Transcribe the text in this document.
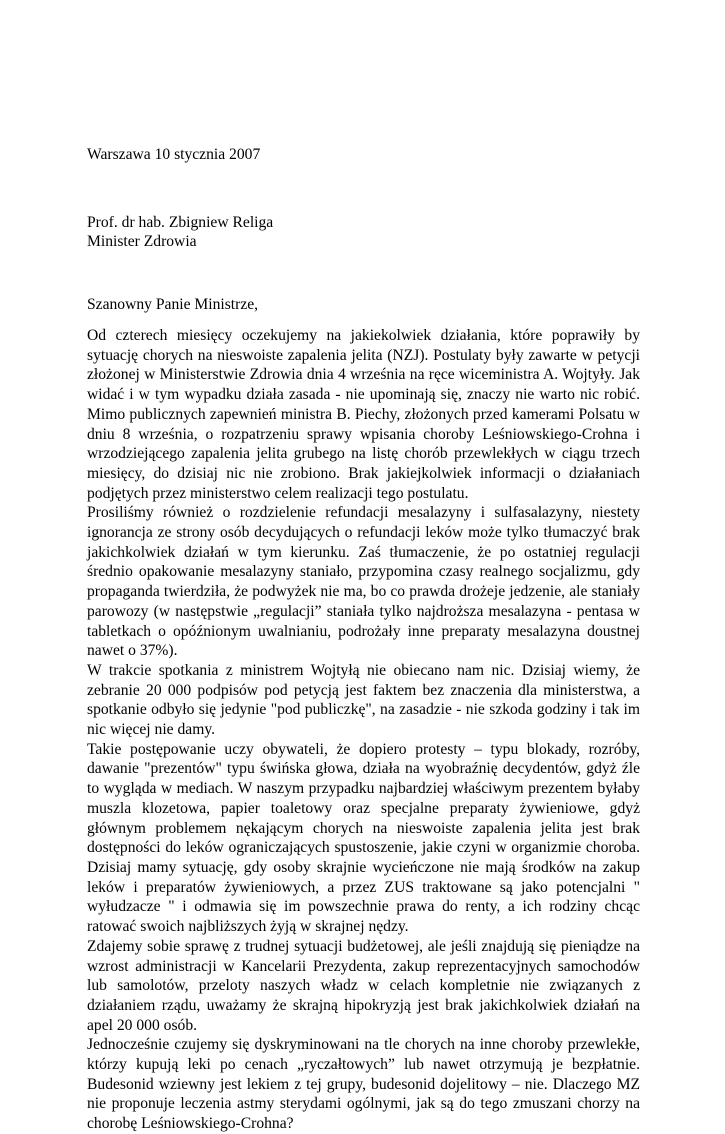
Warszawa 10 stycznia 2007
Prof. dr hab. Zbigniew Religa
Minister Zdrowia
Szanowny Panie Ministrze,

Od czterech miesięcy oczekujemy na jakiekolwiek działania, które poprawiły by sytuację chorych na nieswoiste zapalenia jelita (NZJ). Postulaty były zawarte w petycji złożonej w Ministerstwie Zdrowia dnia 4 września na ręce wiceministra A. Wojtyły. Jak widać i w tym wypadku działa zasada - nie upominają się, znaczy nie warto nic robić. Mimo publicznych zapewnień ministra B. Piechy, złożonych przed kamerami Polsatu w dniu 8 września, o rozpatrzeniu sprawy wpisania choroby Leśniowskiego-Crohna i wrzodziejącego zapalenia jelita grubego na listę chorób przewlekłych w ciągu trzech miesięcy, do dzisiaj nic nie zrobiono. Brak jakiejkolwiek informacji o działaniach podjętych przez ministerstwo celem realizacji tego postulatu.

Prosiliśmy również o rozdzielenie refundacji mesalazyny i sulfasalazyny, niestety ignorancja ze strony osób decydujących o refundacji leków może tylko tłumaczyć brak jakichkolwiek działań w tym kierunku. Zaś tłumaczenie, że po ostatniej regulacji średnio opakowanie mesalazyny staniało, przypomina czasy realnego socjalizmu, gdy propaganda twierdziła, że podwyżek nie ma, bo co prawda drożeje jedzenie, ale staniały parowozy (w następstwie „regulacji” staniała tylko najdroższa mesalazyna - pentasa w tabletkach o opóźnionym uwalnianiu, podrożały inne preparaty mesalazyna doustnej nawet o 37%).

W trakcie spotkania z ministrem Wojtyłą nie obiecano nam nic. Dzisiaj wiemy, że zebranie 20 000 podpisów pod petycją jest faktem bez znaczenia dla ministerstwa, a spotkanie odbyło się jedynie "pod publiczkę", na zasadzie - nie szkoda godziny i tak im nic więcej nie damy.

Takie postępowanie uczy obywateli, że dopiero protesty – typu blokady, rozróby, dawanie "prezentów" typu świńska głowa, działa na wyobraźnię decydentów, gdyż źle to wygląda w mediach. W naszym przypadku najbardziej właściwym prezentem byłaby muszla klozetowa, papier toaletowy oraz specjalne preparaty żywieniowe, gdyż głównym problemem nękającym chorych na nieswoiste zapalenia jelita jest brak dostępności do leków ograniczających spustoszenie, jakie czyni w organizmie choroba. Dzisiaj mamy sytuację, gdy osoby skrajnie wycieńczone nie mają środków na zakup leków i preparatów żywieniowych, a przez ZUS traktowane są jako potencjalni " wyłudzacze " i odmawia się im powszechnie prawa do renty, a ich rodziny chcąc ratować swoich najbliższych żyją w skrajnej nędzy.

Zdajemy sobie sprawę z trudnej sytuacji budżetowej, ale jeśli znajdują się pieniądze na wzrost administracji w Kancelarii Prezydenta, zakup reprezentacyjnych samochodów lub samolotów, przeloty naszych władz w celach kompletnie nie związanych z działaniem rządu, uważamy że skrajną hipokryzją jest brak jakichkolwiek działań na apel 20 000 osób.

Jednocześnie czujemy się dyskryminowani na tle chorych na inne choroby przewlekłe, którzy kupują leki po cenach „ryczałtowych” lub nawet otrzymują je bezpłatnie. Budesonid wziewny jest lekiem z tej grupy, budesonid dojelitowy – nie. Dlaczego MZ nie proponuje leczenia astmy sterydami ogólnymi, jak są do tego zmuszani chorzy na chorobę Leśniowskiego-Crohna?
